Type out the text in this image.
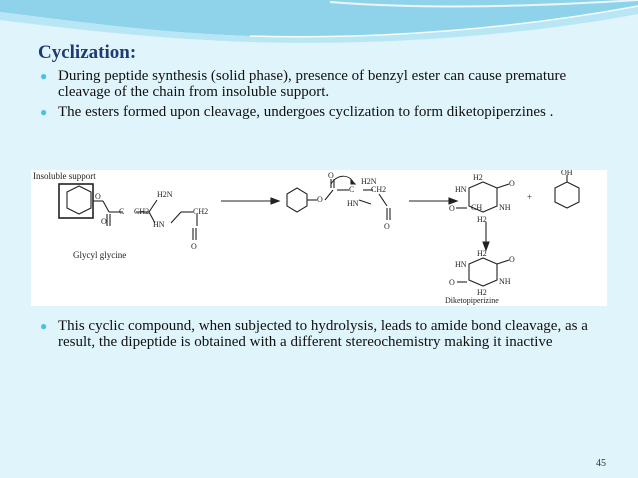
Cyclization:
● During peptide synthesis (solid phase), presence of benzyl ester can cause premature cleavage of the chain from insoluble support.
● The esters formed upon cleavage, undergoes cyclization to form diketopiperzines .
Insoluble support
O
O
C CH2
H2N
HN
CH2
O
Glycyl glycine
O
O
C
H2N
CH2
HN
O
H2
HN
O
O CH NH
H2
+
OH
H2
HN
O
O	NH
H2
Diketopiperizine
● This cyclic compound, when subjected to hydrolysis, leads to amide bond cleavage, as a result, the dipeptide is obtained with a different stereochemistry making it inactive
45
